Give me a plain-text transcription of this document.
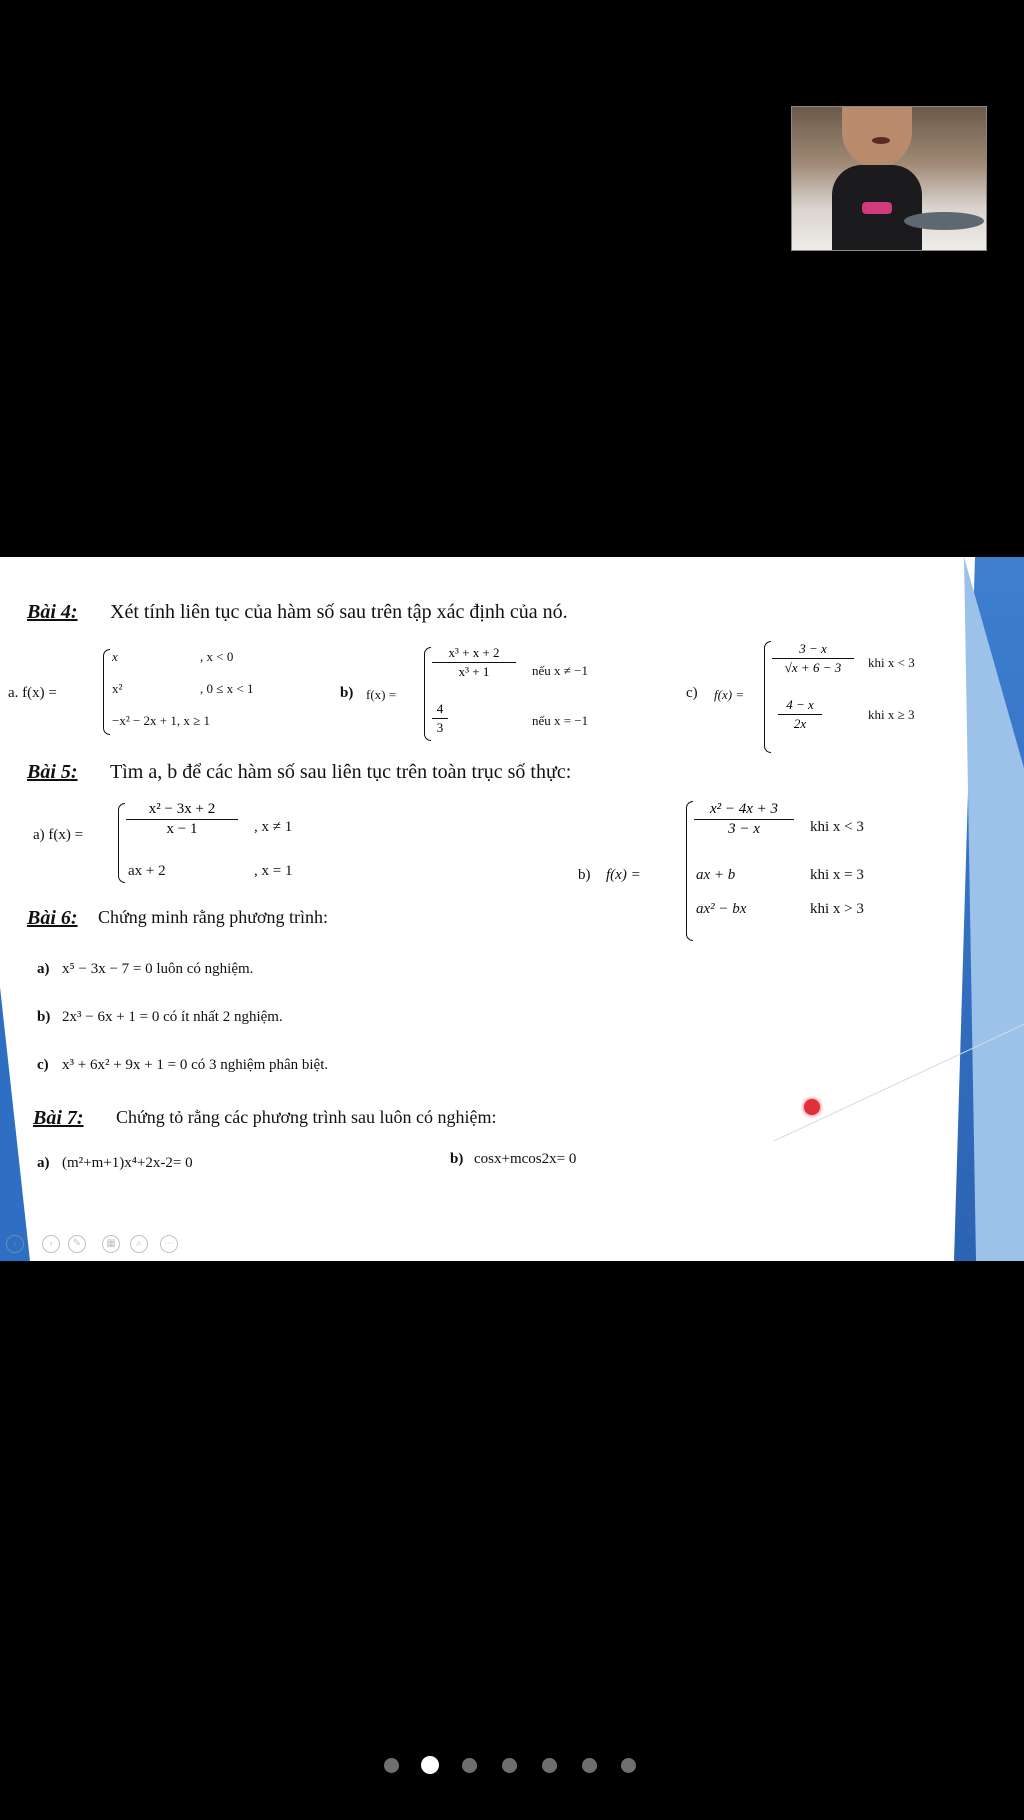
Bài 4: Xét tính liên tục của hàm số sau trên tập xác định của nó.
a. f(x) =
x	, x < 0
x²	, 0 ≤ x < 1
−x² − 2x + 1, x ≥ 1
b) f(x) =
x³ + x + 2
x³ + 1	nếu x ≠ −1
4
3	nếu x = −1
c) f(x) =
3 − x
√x + 6 − 3	khi x < 3
4 − x
2x
khi x ≥ 3
Bài 5: Tìm a, b để các hàm số sau liên tục trên toàn trục số thực:
a) f(x) =
x² − 3x + 2
x − 1	, x ≠ 1
ax + 2	, x = 1	b) f(x) =
x² − 4x + 3
3 − x	khi x < 3
ax + b	khi x = 3
ax² − bx	khi x > 3
Bài 6: Chứng minh rằng phương trình:
a) x⁵ − 3x − 7 = 0 luôn có nghiệm.
b) 2x³ − 6x + 1 = 0 có ít nhất 2 nghiệm.
c) x³ + 6x² + 9x + 1 = 0 có 3 nghiệm phân biệt.
Bài 7: Chứng tỏ rằng các phương trình sau luôn có nghiệm:
a) (m²+m+1)x⁴+2x-2= 0	b) cosx+mcos2x= 0
‹	›	✎	▦	⌕	⋯
